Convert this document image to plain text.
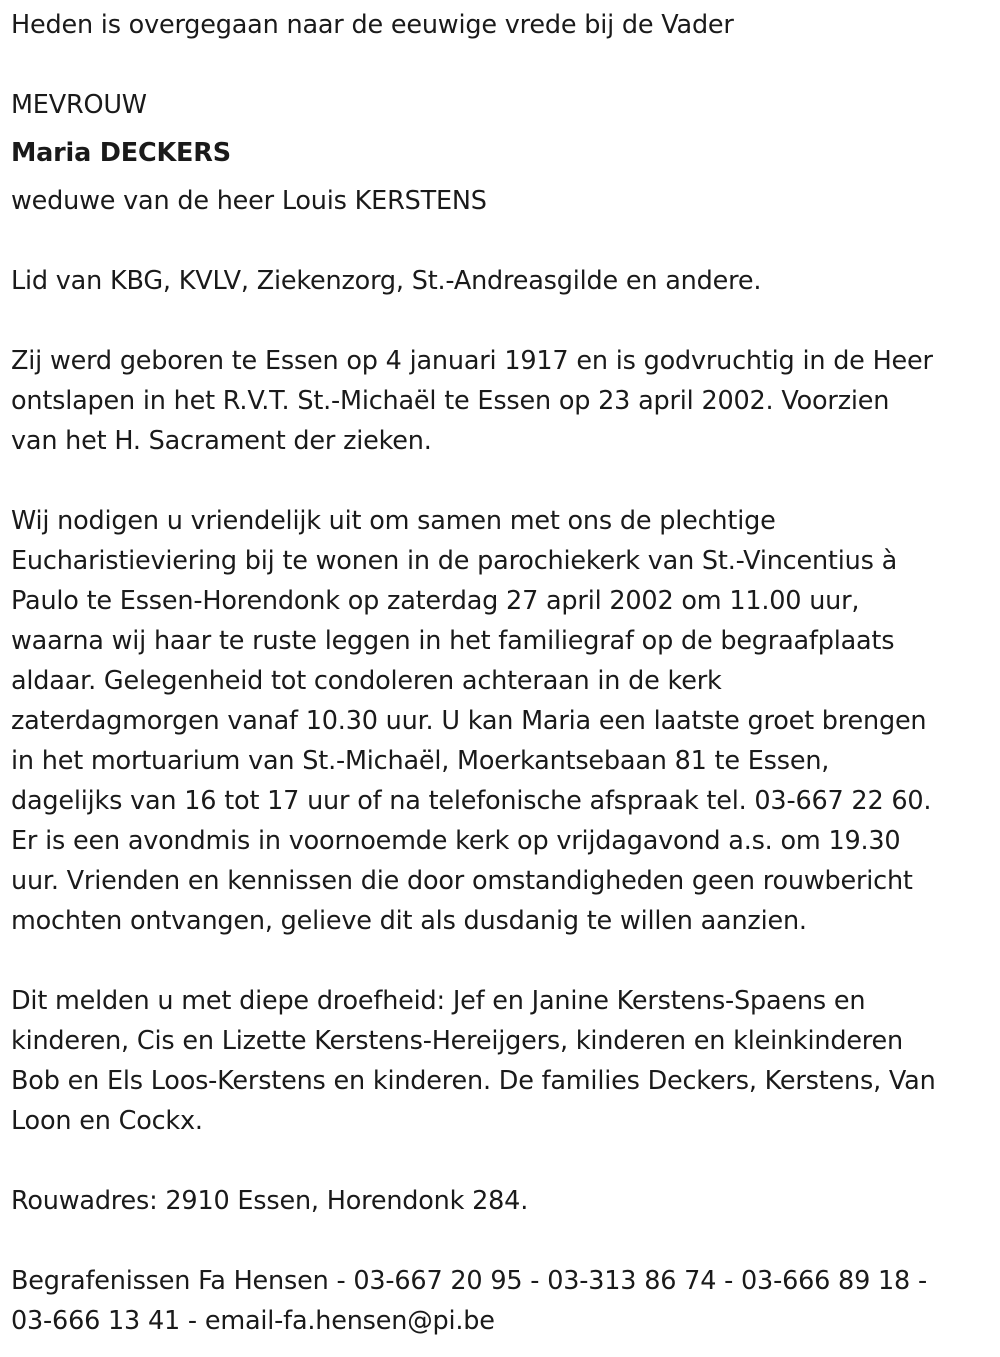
Heden is overgegaan naar de eeuwige vrede bij de Vader
MEVROUW
Maria DECKERS
weduwe van de heer Louis KERSTENS
Lid van KBG, KVLV, Ziekenzorg, St.-Andreasgilde en andere.
Zij werd geboren te Essen op 4 januari 1917 en is godvruchtig in de Heer
ontslapen in het R.V.T. St.-Michaël te Essen op 23 april 2002. Voorzien
van het H. Sacrament der zieken.
Wij nodigen u vriendelijk uit om samen met ons de plechtige
Eucharistieviering bij te wonen in de parochiekerk van St.-Vincentius à
Paulo te Essen-Horendonk op zaterdag 27 april 2002 om 11.00 uur,
waarna wij haar te ruste leggen in het familiegraf op de begraafplaats
aldaar. Gelegenheid tot condoleren achteraan in de kerk
zaterdagmorgen vanaf 10.30 uur. U kan Maria een laatste groet brengen
in het mortuarium van St.-Michaël, Moerkantsebaan 81 te Essen,
dagelijks van 16 tot 17 uur of na telefonische afspraak tel. 03-667 22 60.
Er is een avondmis in voornoemde kerk op vrijdagavond a.s. om 19.30
uur. Vrienden en kennissen die door omstandigheden geen rouwbericht
mochten ontvangen, gelieve dit als dusdanig te willen aanzien.
Dit melden u met diepe droefheid: Jef en Janine Kerstens-Spaens en
kinderen, Cis en Lizette Kerstens-Hereijgers, kinderen en kleinkinderen
Bob en Els Loos-Kerstens en kinderen. De families Deckers, Kerstens, Van
Loon en Cockx.
Rouwadres: 2910 Essen, Horendonk 284.
Begrafenissen Fa Hensen - 03-667 20 95 - 03-313 86 74 - 03-666 89 18 -
03-666 13 41 - email-fa.hensen@pi.be
